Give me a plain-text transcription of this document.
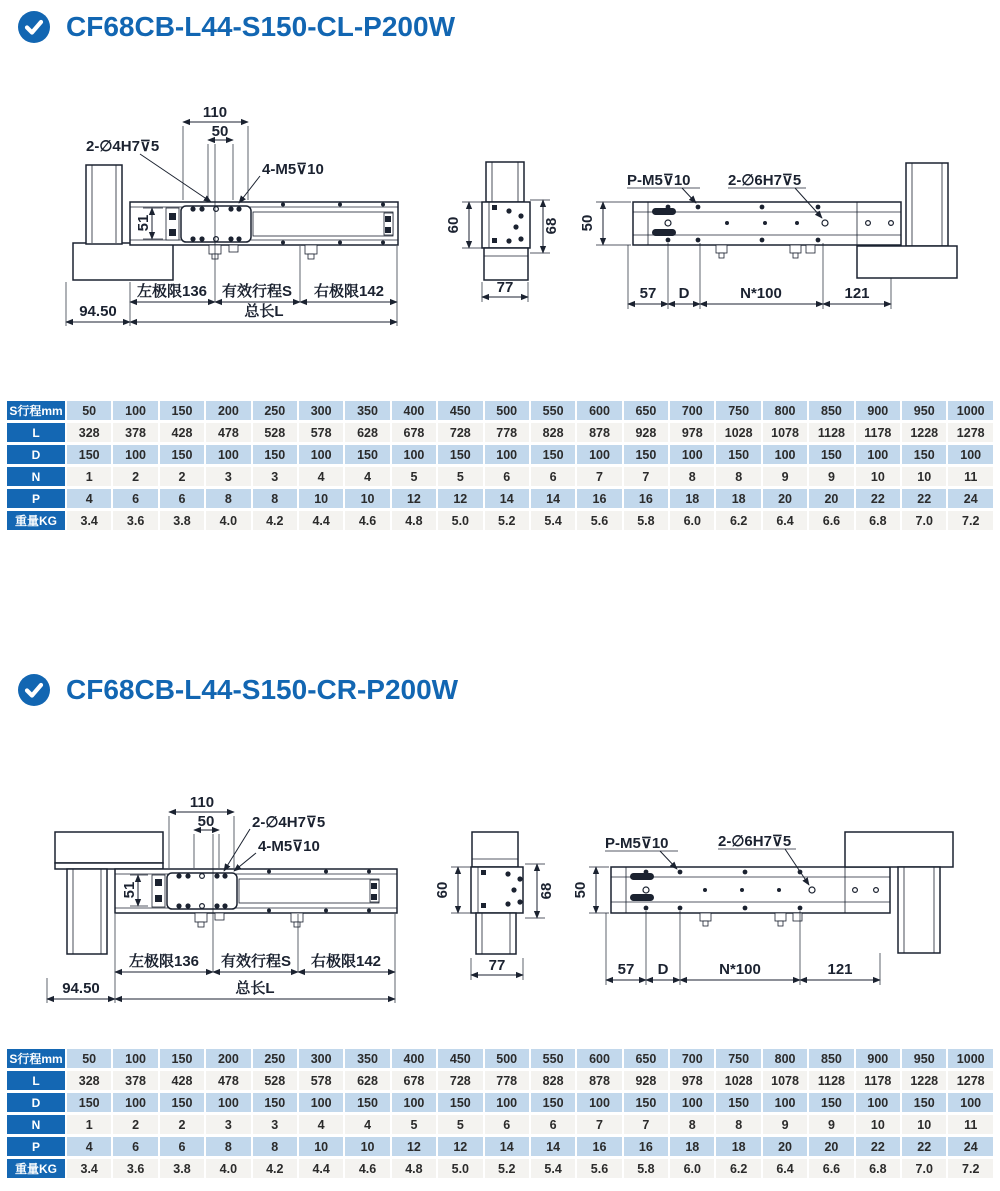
CF68CB-L44-S150-CL-P200W
110
50
2-∅4H7⊽5
4-M5⊽10
51
左极限136 有效行程S 右极限142
94.50	总长L
60	68
77
50
P-M5⊽10 2-∅6H7⊽5
57 D	N*100	121
S行程mm	50	100	150	200	250	300	350	400	450	500	550	600	650	700	750	800	850	900	950	1000
L	328	378	428	478	528	578	628	678	728	778	828	878	928	978	1028	1078	1128	1178	1228	1278
D	150	100	150	100	150	100	150	100	150	100	150	100	150	100	150	100	150	100	150	100
N	1	2	2	3	3	4	4	5	5	6	6	7	7	8	8	9	9	10	10	11
P	4	6	6	8	8	10	10	12	12	14	14	16	16	18	18	20	20	22	22	24
重量KG	3.4	3.6	3.8	4.0	4.2	4.4	4.6	4.8	5.0	5.2	5.4	5.6	5.8	6.0	6.2	6.4	6.6	6.8	7.0	7.2
CF68CB-L44-S150-CR-P200W
110
50	2-∅4H7⊽5
4-M5⊽10
51
左极限136 有效行程S 右极限142
94.50	总长L
60	68
77
50
P-M5⊽10	2-∅6H7⊽5
57 D	N*100	121
S行程mm	50	100	150	200	250	300	350	400	450	500	550	600	650	700	750	800	850	900	950	1000
L	328	378	428	478	528	578	628	678	728	778	828	878	928	978	1028	1078	1128	1178	1228	1278
D	150	100	150	100	150	100	150	100	150	100	150	100	150	100	150	100	150	100	150	100
N	1	2	2	3	3	4	4	5	5	6	6	7	7	8	8	9	9	10	10	11
P	4	6	6	8	8	10	10	12	12	14	14	16	16	18	18	20	20	22	22	24
重量KG	3.4	3.6	3.8	4.0	4.2	4.4	4.6	4.8	5.0	5.2	5.4	5.6	5.8	6.0	6.2	6.4	6.6	6.8	7.0	7.2
